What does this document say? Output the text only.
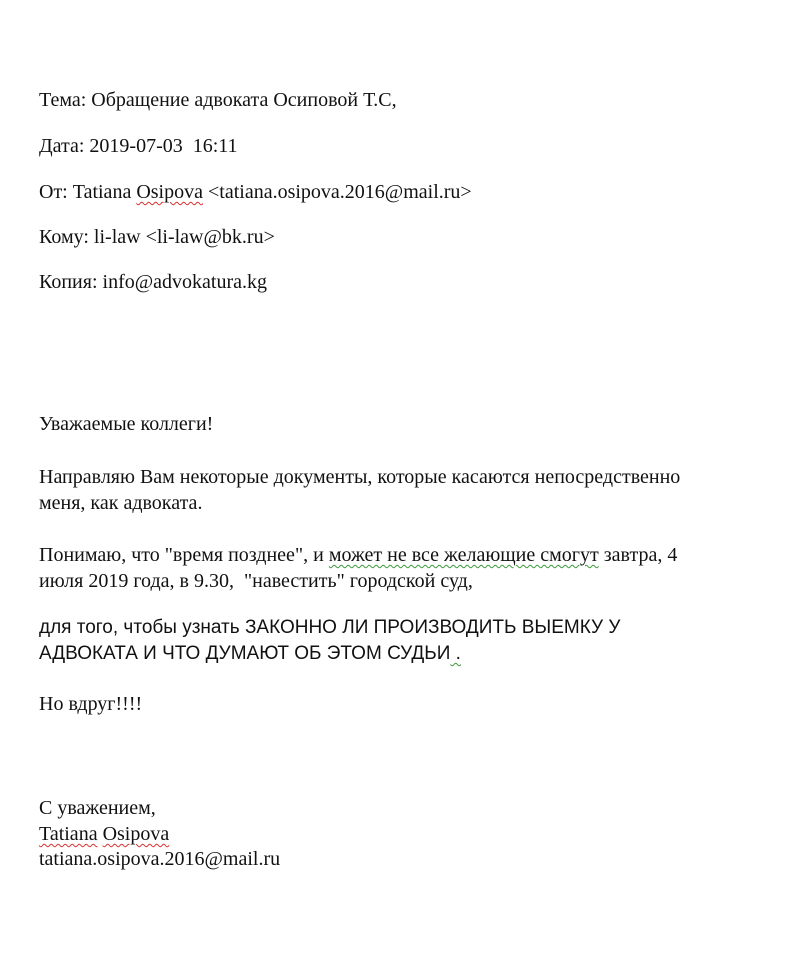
Тема: Обращение адвоката Осиповой Т.С,
Дата: 2019-07-03  16:11
От: Tatiana Osipova <tatiana.osipova.2016@mail.ru>
Кому: li-law <li-law@bk.ru>
Копия: info@advokatura.kg
Уважаемые коллеги!
Направляю Вам некоторые документы, которые касаются непосредственно
меня, как адвоката.
Понимаю, что "время позднее", и может не все желающие смогут завтра, 4
июля 2019 года, в 9.30,  "навестить" городской суд,
для того, чтобы узнать ЗАКОННО ЛИ ПРОИЗВОДИТЬ ВЫЕМКУ У
АДВОКАТА И ЧТО ДУМАЮТ ОБ ЭТОМ СУДЬИ .
Но вдруг!!!!
С уважением,
Tatiana Osipova
tatiana.osipova.2016@mail.ru
